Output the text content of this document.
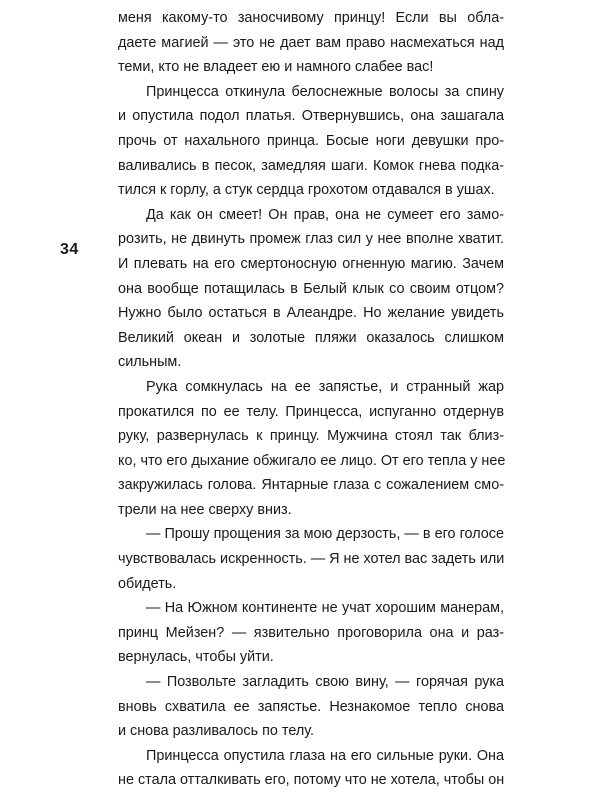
34
меня какому-то заносчивому принцу! Если вы обла-
даете магией — это не дает вам право насмехаться над
теми, кто не владеет ею и намного слабее вас!
Принцесса откинула белоснежные волосы за спину
и опустила подол платья. Отвернувшись, она зашагала
прочь от нахального принца. Босые ноги девушки про-
валивались в песок, замедляя шаги. Комок гнева подка-
тился к горлу, а стук сердца грохотом отдавался в ушах.
Да как он смеет! Он прав, она не сумеет его замо-
розить, не двинуть промеж глаз сил у нее вполне хватит.
И плевать на его смертоносную огненную магию. Зачем
она вообще потащилась в Белый клык со своим отцом?
Нужно было остаться в Алеандре. Но желание увидеть
Великий океан и золотые пляжи оказалось слишком
сильным.
Рука сомкнулась на ее запястье, и странный жар
прокатился по ее телу. Принцесса, испуганно отдернув
руку, развернулась к принцу. Мужчина стоял так близ-
ко, что его дыхание обжигало ее лицо. От его тепла у нее
закружилась голова. Янтарные глаза с сожалением смо-
трели на нее сверху вниз.
— Прошу прощения за мою дерзость, — в его голосе
чувствовалась искренность. — Я не хотел вас задеть или
обидеть.
— На Южном континенте не учат хорошим манерам,
принц Мейзен? — язвительно проговорила она и раз-
вернулась, чтобы уйти.
— Позвольте загладить свою вину, — горячая рука
вновь схватила ее запястье. Незнакомое тепло снова
и снова разливалось по телу.
Принцесса опустила глаза на его сильные руки. Она
не стала отталкивать его, потому что не хотела, чтобы он
